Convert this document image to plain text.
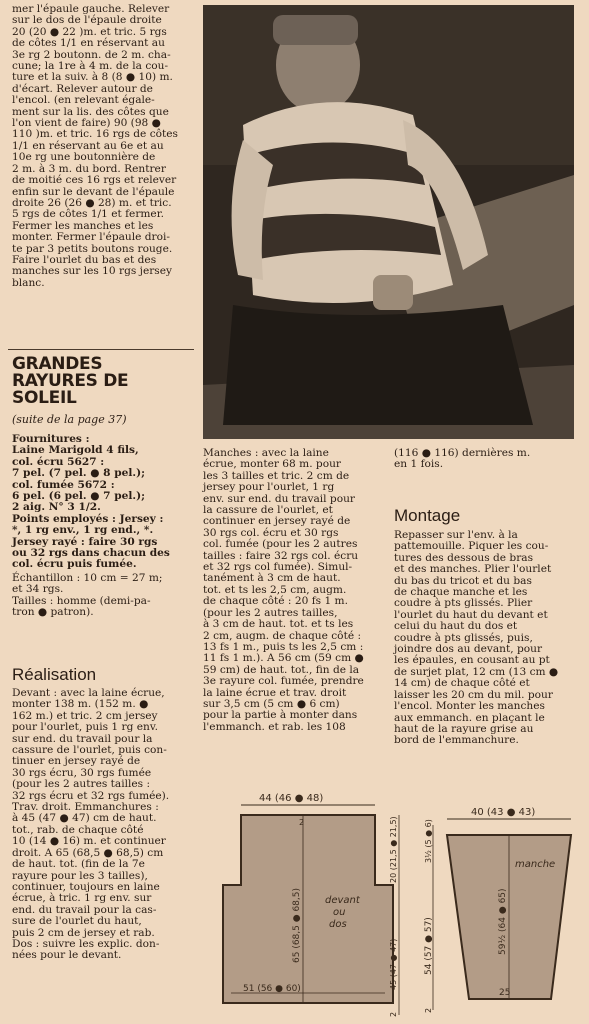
mer l'épaule gauche. Relever
sur le dos de l'épaule droite
20 (20 ● 22 )m. et tric. 5 rgs
de côtes 1/1 en réservant au
3e rg 2 boutonn. de 2 m. cha-
cune; la 1re à 4 m. de la cou-
ture et la suiv. à 8 (8 ● 10) m.
d'écart. Relever autour de
l'encol. (en relevant égale-
ment sur la lis. des côtes que
l'on vient de faire) 90 (98 ●
110 )m. et tric. 16 rgs de côtes
1/1 en réservant au 6e et au
10e rg une boutonnière de
2 m. à 3 m. du bord. Rentrer
de moitié ces 16 rgs et relever
enfin sur le devant de l'épaule
droite 26 (26 ● 28) m. et tric.
5 rgs de côtes 1/1 et fermer.
Fermer les manches et les
monter. Fermer l'épaule droi-
te par 3 petits boutons rouge.
Faire l'ourlet du bas et des
manches sur les 10 rgs jersey
blanc.

GRANDES
RAYURES DE
SOLEIL
(suite de la page 37)

Fournitures :
Laine Marigold 4 fils,
col. écru 5627 :
7 pel. (7 pel. ● 8 pel.);
col. fumée 5672 :
6 pel. (6 pel. ● 7 pel.);
2 aig. N° 3 1/2.
Points employés : Jersey :
*, 1 rg env., 1 rg end., *.
Jersey rayé : faire 30 rgs
ou 32 rgs dans chacun des
col. écru puis fumée.

Échantillon : 10 cm = 27 m;
et 34 rgs.
Tailles : homme (demi-pa-
tron ● patron).

Réalisation

Devant : avec la laine écrue,
monter 138 m. (152 m. ●
162 m.) et tric. 2 cm jersey
pour l'ourlet, puis 1 rg env.
sur end. du travail pour la
cassure de l'ourlet, puis con-
tinuer en jersey rayé de
30 rgs écru, 30 rgs fumée
(pour les 2 autres tailles :
32 rgs écru et 32 rgs fumée).
Trav. droit. Emmanchures :
à 45 (47 ● 47) cm de haut.
tot., rab. de chaque côté
10 (14 ● 16) m. et continuer
droit. A 65 (68,5 ● 68,5) cm
de haut. tot. (fin de la 7e
rayure pour les 3 tailles),
continuer, toujours en laine
écrue, à tric. 1 rg env. sur
end. du travail pour la cas-
sure de l'ourlet du haut,
puis 2 cm de jersey et rab.
Dos : suivre les explic. don-
nées pour le devant.

Manches : avec la laine
écrue, monter 68 m. pour
les 3 tailles et tric. 2 cm de
jersey pour l'ourlet, 1 rg
env. sur end. du travail pour
la cassure de l'ourlet, et
continuer en jersey rayé de
30 rgs col. écru et 30 rgs
col. fumée (pour les 2 autres
tailles : faire 32 rgs col. écru
et 32 rgs col fumée). Simul-
tanément à 3 cm de haut.
tot. et ts les 2,5 cm, augm.
de chaque côté : 20 fs 1 m.
(pour les 2 autres tailles,
à 3 cm de haut. tot. et ts les
2 cm, augm. de chaque côté :
13 fs 1 m., puis ts les 2,5 cm :
11 fs 1 m.). A 56 cm (59 cm ●
59 cm) de haut. tot., fin de la
3e rayure col. fumée, prendre
la laine écrue et trav. droit
sur 3,5 cm (5 cm ● 6 cm)
pour la partie à monter dans
l'emmanch. et rab. les 108

(116 ● 116) dernières m.
en 1 fois.

Montage

Repasser sur l'env. à la
pattemouille. Piquer les cou-
tures des dessous de bras
et des manches. Plier l'ourlet
du bas du tricot et du bas
de chaque manche et les
coudre à pts glissés. Plier
l'ourlet du haut du devant et
celui du haut du dos et
coudre à pts glissés, puis,
joindre dos au devant, pour
les épaules, en cousant au pt
de surjet plat, 12 cm (13 cm ●
14 cm) de chaque côté et
laisser les 20 cm du mil. pour
l'encol. Monter les manches
aux emmanch. en plaçant le
haut de la rayure grise au
bord de l'emmanchure.

44 (46 ● 48)
2
65 (68,5 ● 68,5) devant ou dos
51 (56 ● 60)
20 (21,5 ● 21,5)
45 (47 ● 47)
2
40 (43 ● 43)
3½ (5 ● 6)
54 (57 ● 57)
2
59½ (64 ● 65)
manche
25
